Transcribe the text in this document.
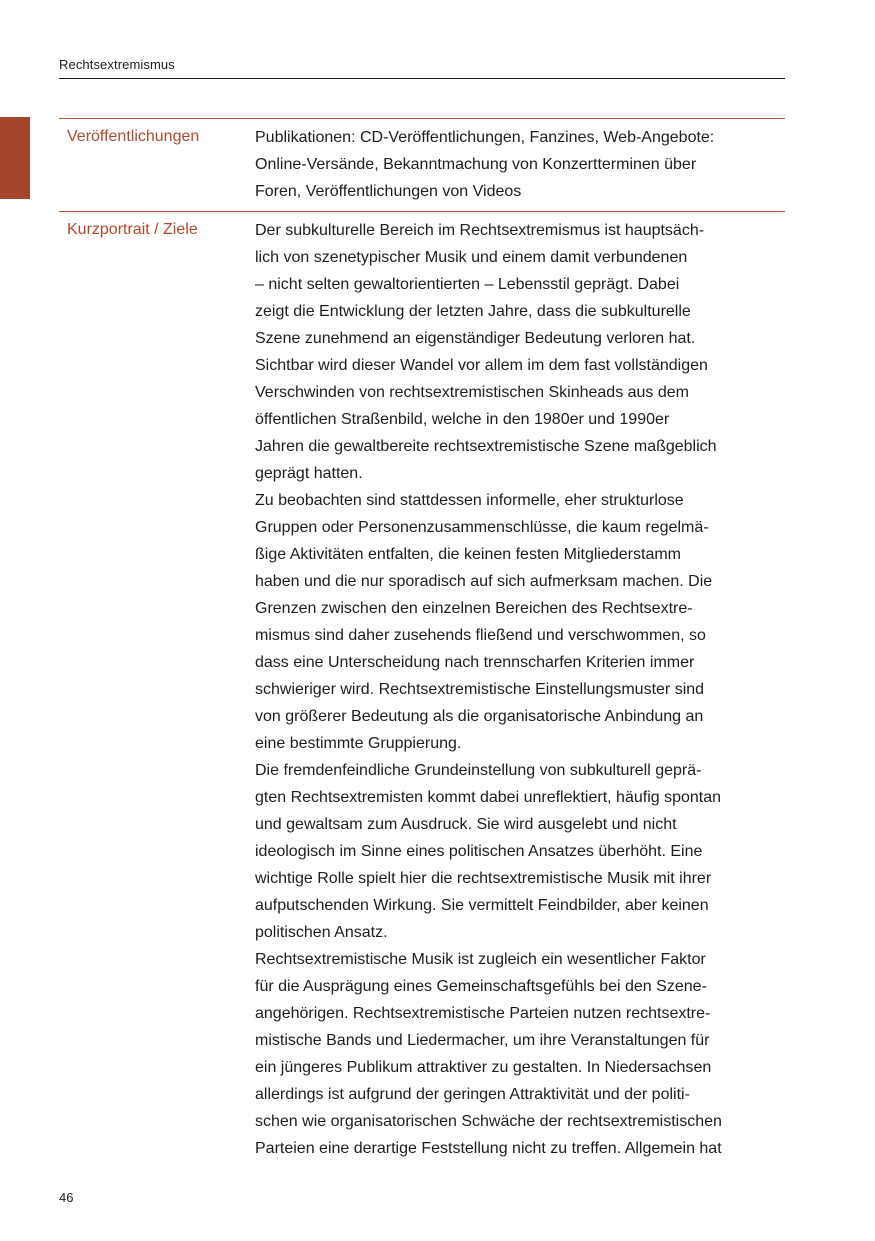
Rechtsextremismus
Veröffentlichungen	Publikationen: CD-Veröffentlichungen, Fanzines, Web-Angebote:
Online-Versände, Bekanntmachung von Konzertterminen über
Foren, Veröffentlichungen von Videos
Kurzportrait / Ziele	Der subkulturelle Bereich im Rechtsextremismus ist hauptsäch-
lich von szenetypischer Musik und einem damit verbundenen
– nicht selten gewaltorientierten – Lebensstil geprägt. Dabei
zeigt die Entwicklung der letzten Jahre, dass die subkulturelle
Szene zunehmend an eigenständiger Bedeutung verloren hat.
Sichtbar wird dieser Wandel vor allem im dem fast vollständigen
Verschwinden von rechtsextremistischen Skinheads aus dem
öffentlichen Straßenbild, welche in den 1980er und 1990er
Jahren die gewaltbereite rechtsextremistische Szene maßgeblich
geprägt hatten.
Zu beobachten sind stattdessen informelle, eher strukturlose
Gruppen oder Personenzusammenschlüsse, die kaum regelmä-
ßige Aktivitäten entfalten, die keinen festen Mitgliederstamm
haben und die nur sporadisch auf sich aufmerksam machen. Die
Grenzen zwischen den einzelnen Bereichen des Rechtsextre-
mismus sind daher zusehends fließend und verschwommen, so
dass eine Unterscheidung nach trennscharfen Kriterien immer
schwieriger wird. Rechtsextremistische Einstellungsmuster sind
von größerer Bedeutung als die organisatorische Anbindung an
eine bestimmte Gruppierung.
Die fremdenfeindliche Grundeinstellung von subkulturell geprä-
gten Rechtsextremisten kommt dabei unreflektiert, häufig spontan
und gewaltsam zum Ausdruck. Sie wird ausgelebt und nicht
ideologisch im Sinne eines politischen Ansatzes überhöht. Eine
wichtige Rolle spielt hier die rechtsextremistische Musik mit ihrer
aufputschenden Wirkung. Sie vermittelt Feindbilder, aber keinen
politischen Ansatz.
Rechtsextremistische Musik ist zugleich ein wesentlicher Faktor
für die Ausprägung eines Gemeinschaftsgefühls bei den Szene-
angehörigen. Rechtsextremistische Parteien nutzen rechtsextre-
mistische Bands und Liedermacher, um ihre Veranstaltungen für
ein jüngeres Publikum attraktiver zu gestalten. In Niedersachsen
allerdings ist aufgrund der geringen Attraktivität und der politi-
schen wie organisatorischen Schwäche der rechtsextremistischen
Parteien eine derartige Feststellung nicht zu treffen. Allgemein hat
46
